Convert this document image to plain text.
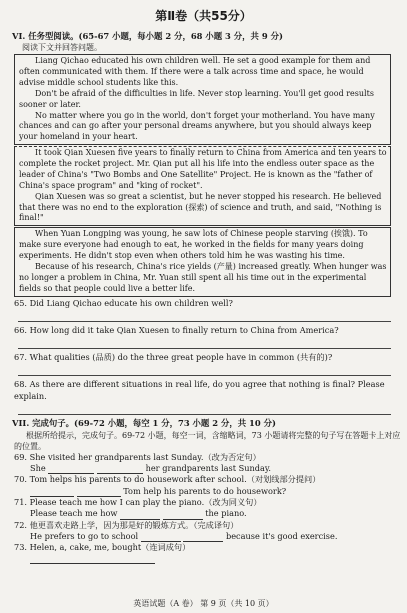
第Ⅱ卷（共55分）
VI. 任务型阅读。(65-67 小题，每小题 2 分，68 小题 3 分，共 9 分)
阅读下文并回答问题。

Liang Qichao educated his own children well. He set a good example for them and often communicated with them. If there were a talk across time and space, he would advise middle school students like this.

Don't be afraid of the difficulties in life. Never stop learning. You'll get good results sooner or later.

No matter where you go in the world, don't forget your motherland. You have many chances and can go after your personal dreams anywhere, but you should always keep your homeland in your heart.

It took Qian Xuesen five years to finally return to China from America and ten years to complete the rocket project. Mr. Qian put all his life into the endless outer space as the leader of China's "Two Bombs and One Satellite" Project. He is known as the "father of China's space program" and "king of rocket".

Qian Xuesen was so great a scientist, but he never stopped his research. He believed that there was no end to the exploration (探索) of science and truth, and said, "Nothing is final!"

When Yuan Longping was young, he saw lots of Chinese people starving (挨饿). To make sure everyone had enough to eat, he worked in the fields for many years doing experiments. He didn't stop even when others told him he was wasting his time.

Because of his research, China's rice yields (产量) increased greatly. When hunger was no longer a problem in China, Mr. Yuan still spent all his time out in the experimental fields so that people could live a better life.

65. Did Liang Qichao educate his own children well?
66. How long did it take Qian Xuesen to finally return to China from America?
67. What qualities (品质) do the three great people have in common (共有的)?
68. As there are different situations in real life, do you agree that nothing is final? Please explain.
VII. 完成句子。(69-72 小题，每空 1 分，73 小题 2 分，共 10 分)
根据所给提示，完成句子。69-72 小题，每空一词，含缩略词，73 小题请将完整的句子写在答题卡上对应的位置。
69. She visited her grandparents last Sunday.（改为否定句）
She	her grandparents last Sunday.
70. Tom helps his parents to do housework after school.（对划线部分提问）
Tom help his parents to do housework?
71. Please teach me how I can play the piano.（改为同义句）
Please teach me how	the piano.
72. 他更喜欢走路上学，因为那是好的锻炼方式。（完成译句）
He prefers to go to school	because it's good exercise.
73. Helen, a, cake, me, bought（连词成句）
英语试题（A 卷） 第 9 页（共 10 页）
